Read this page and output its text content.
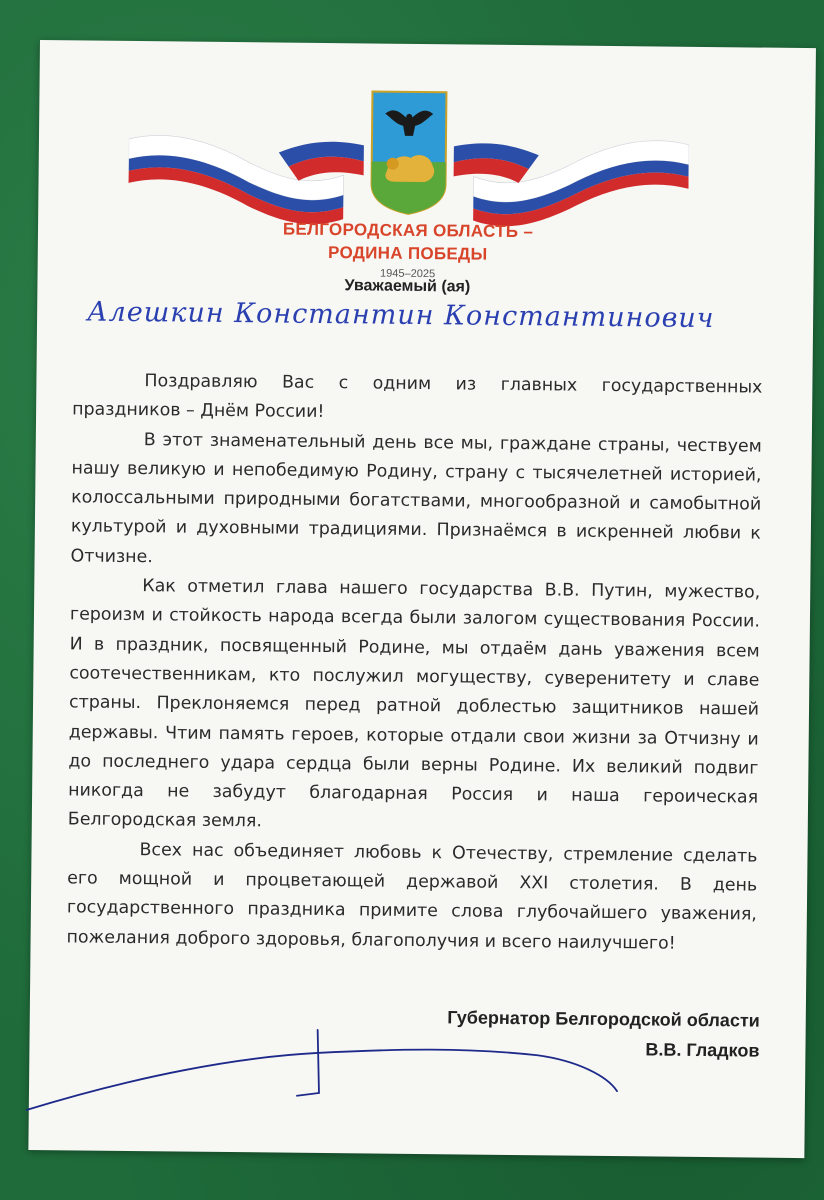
БЕЛГОРОДСКАЯ ОБЛАСТЬ –
РОДИНА ПОБЕДЫ
1945–2025
Уважаемый (ая)
Алешкин Константин Константинович

Поздравляю Вас с одним из главных государственных праздников – Днём России!

В этот знаменательный день все мы, граждане страны, чествуем нашу великую и непобедимую Родину, страну с тысячелетней историей, колоссальными природными богатствами, многообразной и самобытной культурой и духовными традициями. Признаёмся в искренней любви к Отчизне.

Как отметил глава нашего государства В.В. Путин, мужество, героизм и стойкость народа всегда были залогом существования России. И в праздник, посвященный Родине, мы отдаём дань уважения всем соотечественникам, кто послужил могуществу, суверенитету и славе страны. Преклоняемся перед ратной доблестью защитников нашей державы. Чтим память героев, которые отдали свои жизни за Отчизну и до последнего удара сердца были верны Родине. Их великий подвиг никогда не забудут благодарная Россия и наша героическая Белгородская земля.

Всех нас объединяет любовь к Отечеству, стремление сделать его мощной и процветающей державой XXI столетия. В день государственного праздника примите слова глубочайшего уважения, пожелания доброго здоровья, благополучия и всего наилучшего!

Губернатор Белгородской области
В.В. Гладков
